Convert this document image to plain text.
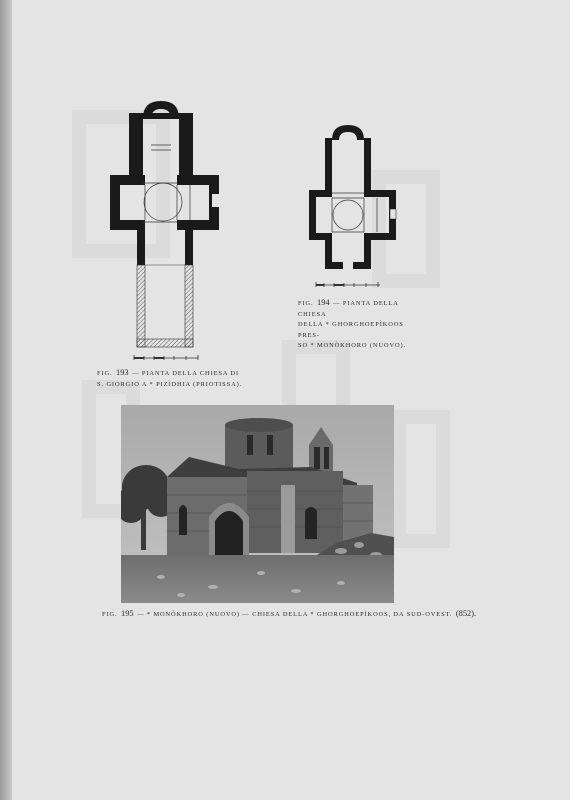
FIG. 194 — PIANTA DELLA CHIESA
DELLA * GHORGHOEPÌKOOS PRES-
SO * MONÒKHORO (NUOVO).
FIG. 193 — PIANTA DELLA CHIESA DI
S. GIORGIO A * PIZÌDHIA (PRIOTISSA).
FIG. 195 — * MONÒKHORO (NUOVO) — CHIESA DELLA * GHORGHOEPÌKOOS, DA SUD-OVEST. (852).
